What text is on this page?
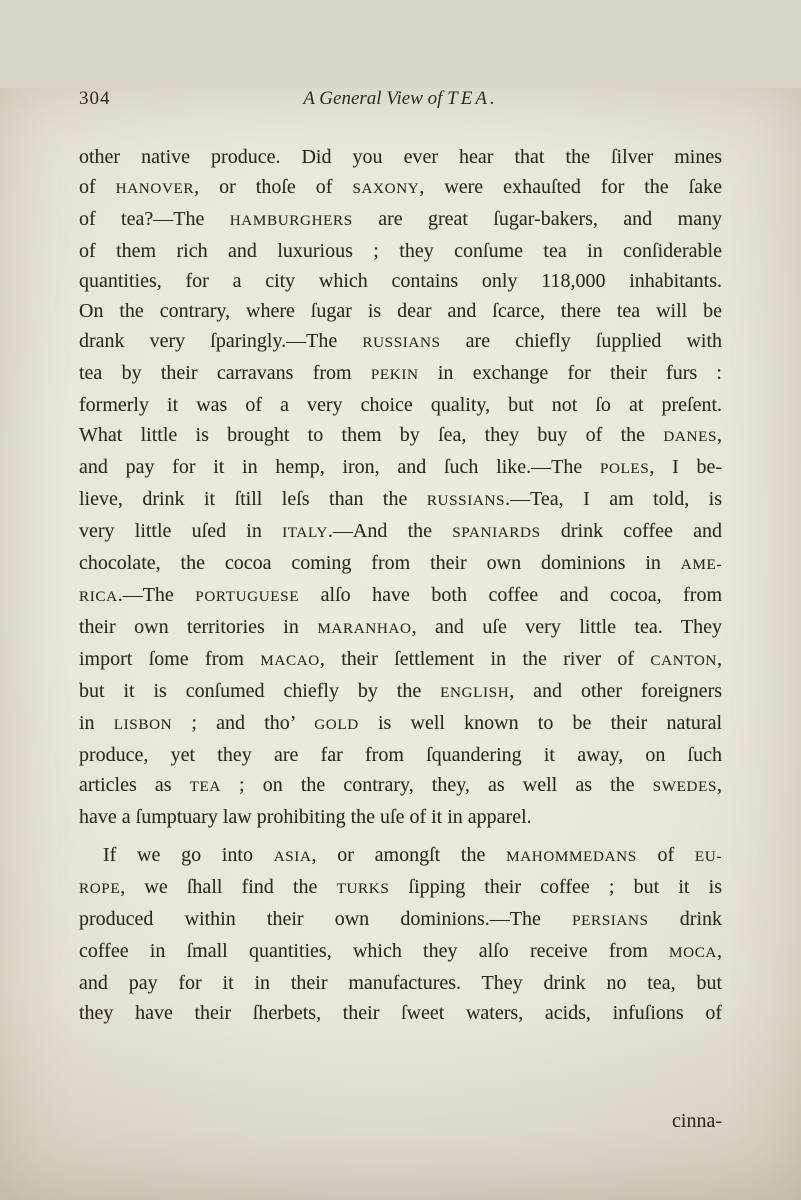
304	A General View of TEA.
other native produce. Did you ever hear that the ſilver mines
of HANOVER, or thoſe of SAXONY, were exhauſted for the ſake
of tea?—The HAMBURGHERS are great ſugar-bakers, and many
of them rich and luxurious ; they conſume tea in conſiderable
quantities, for a city which contains only 118,000 inhabitants.
On the contrary, where ſugar is dear and ſcarce, there tea will be
drank very ſparingly.—The RUSSIANS are chiefly ſupplied with
tea by their carravans from PEKIN in exchange for their furs :
formerly it was of a very choice quality, but not ſo at preſent.
What little is brought to them by ſea, they buy of the DANES,
and pay for it in hemp, iron, and ſuch like.—The POLES, I be-
lieve, drink it ſtill leſs than the RUSSIANS.—Tea, I am told, is
very little uſed in ITALY.—And the SPANIARDS drink coffee and
chocolate, the cocoa coming from their own dominions in AME-
RICA.—The PORTUGUESE alſo have both coffee and cocoa, from
their own territories in MARANHAO, and uſe very little tea. They
import ſome from MACAO, their ſettlement in the river of CANTON,
but it is conſumed chiefly by the ENGLISH, and other foreigners
in LISBON ; and tho’ GOLD is well known to be their natural
produce, yet they are far from ſquandering it away, on ſuch
articles as TEA ; on the contrary, they, as well as the SWEDES,
have a ſumptuary law prohibiting the uſe of it in apparel.
If we go into ASIA, or amongſt the MAHOMMEDANS of EU-
ROPE, we ſhall find the TURKS ſipping their coffee ; but it is
produced within their own dominions.—The PERSIANS drink
coffee in ſmall quantities, which they alſo receive from MOCA,
and pay for it in their manufactures. They drink no tea, but
they have their ſherbets, their ſweet waters, acids, infuſions of
cinna-
